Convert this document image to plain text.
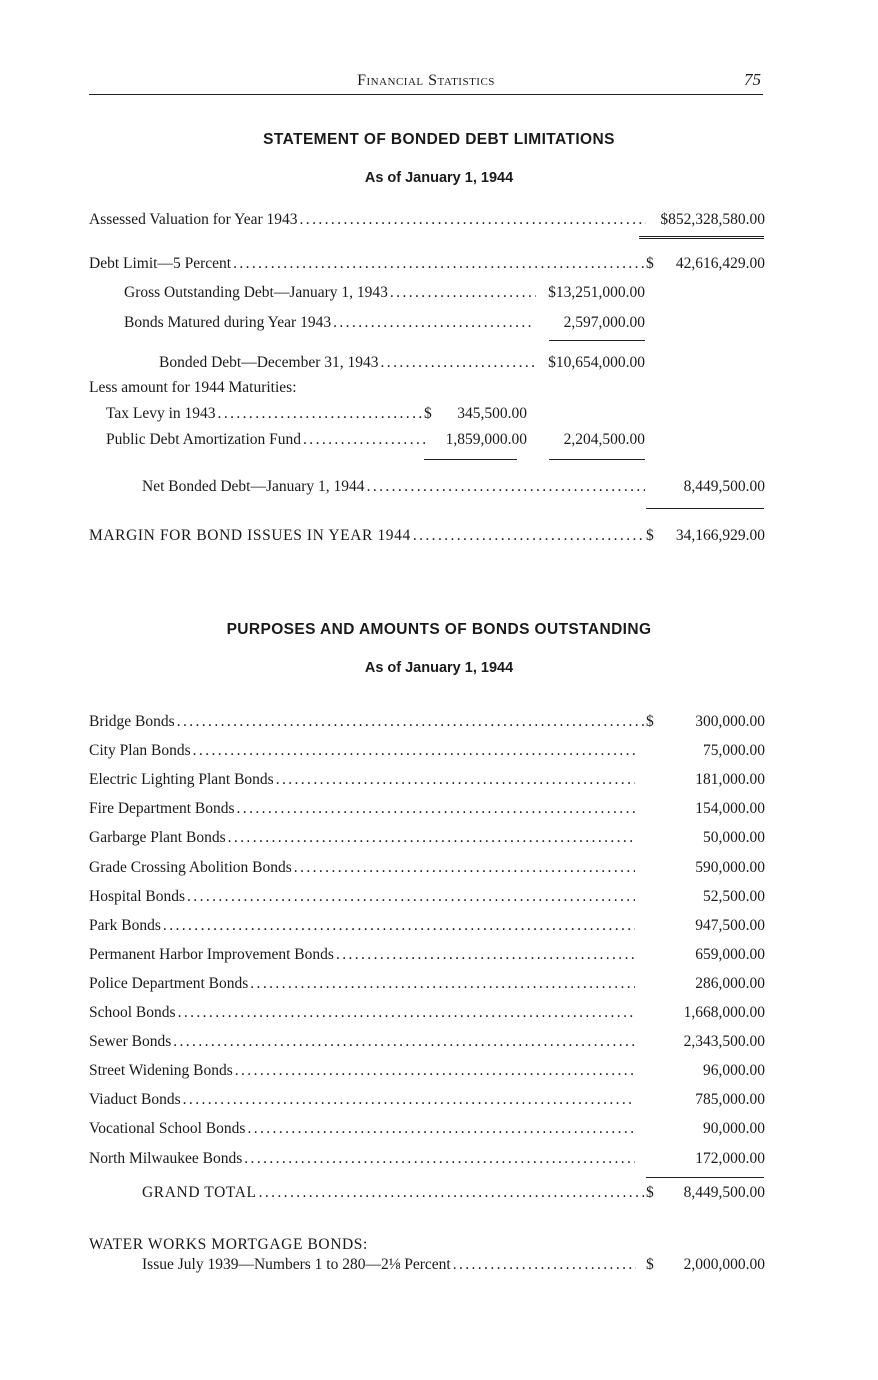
Financial Statistics	75
STATEMENT OF BONDED DEBT LIMITATIONS
As of January 1, 1944
Assessed Valuation for Year 1943 .....	$852,328,580.00
Debt Limit—5 Percent .....	$	42,616,429.00
Gross Outstanding Debt—January 1, 1943 .....	$13,251,000.00
Bonds Matured during Year 1943 .....	2,597,000.00
Bonded Debt—December 31, 1943 .....	$10,654,000.00
Less amount for 1944 Maturities:
Tax Levy in 1943 .....	$	345,500.00
Public Debt Amortization Fund .....	1,859,000.00	2,204,500.00
Net Bonded Debt—January 1, 1944 .....	8,449,500.00
MARGIN FOR BOND ISSUES IN YEAR 1944 .....	$	34,166,929.00
PURPOSES AND AMOUNTS OF BONDS OUTSTANDING
As of January 1, 1944
Bridge Bonds .....	$	300,000.00
City Plan Bonds .....	75,000.00
Electric Lighting Plant Bonds .....	181,000.00
Fire Department Bonds .....	154,000.00
Garbarge Plant Bonds .....	50,000.00
Grade Crossing Abolition Bonds .....	590,000.00
Hospital Bonds .....	52,500.00
Park Bonds .....	947,500.00
Permanent Harbor Improvement Bonds .....	659,000.00
Police Department Bonds .....	286,000.00
School Bonds .....	1,668,000.00
Sewer Bonds .....	2,343,500.00
Street Widening Bonds .....	96,000.00
Viaduct Bonds .....	785,000.00
Vocational School Bonds .....	90,000.00
North Milwaukee Bonds .....	172,000.00
GRAND TOTAL .....	$	8,449,500.00
WATER WORKS MORTGAGE BONDS:
Issue July 1939—Numbers 1 to 280—2⅛ Percent .....	$	2,000,000.00
